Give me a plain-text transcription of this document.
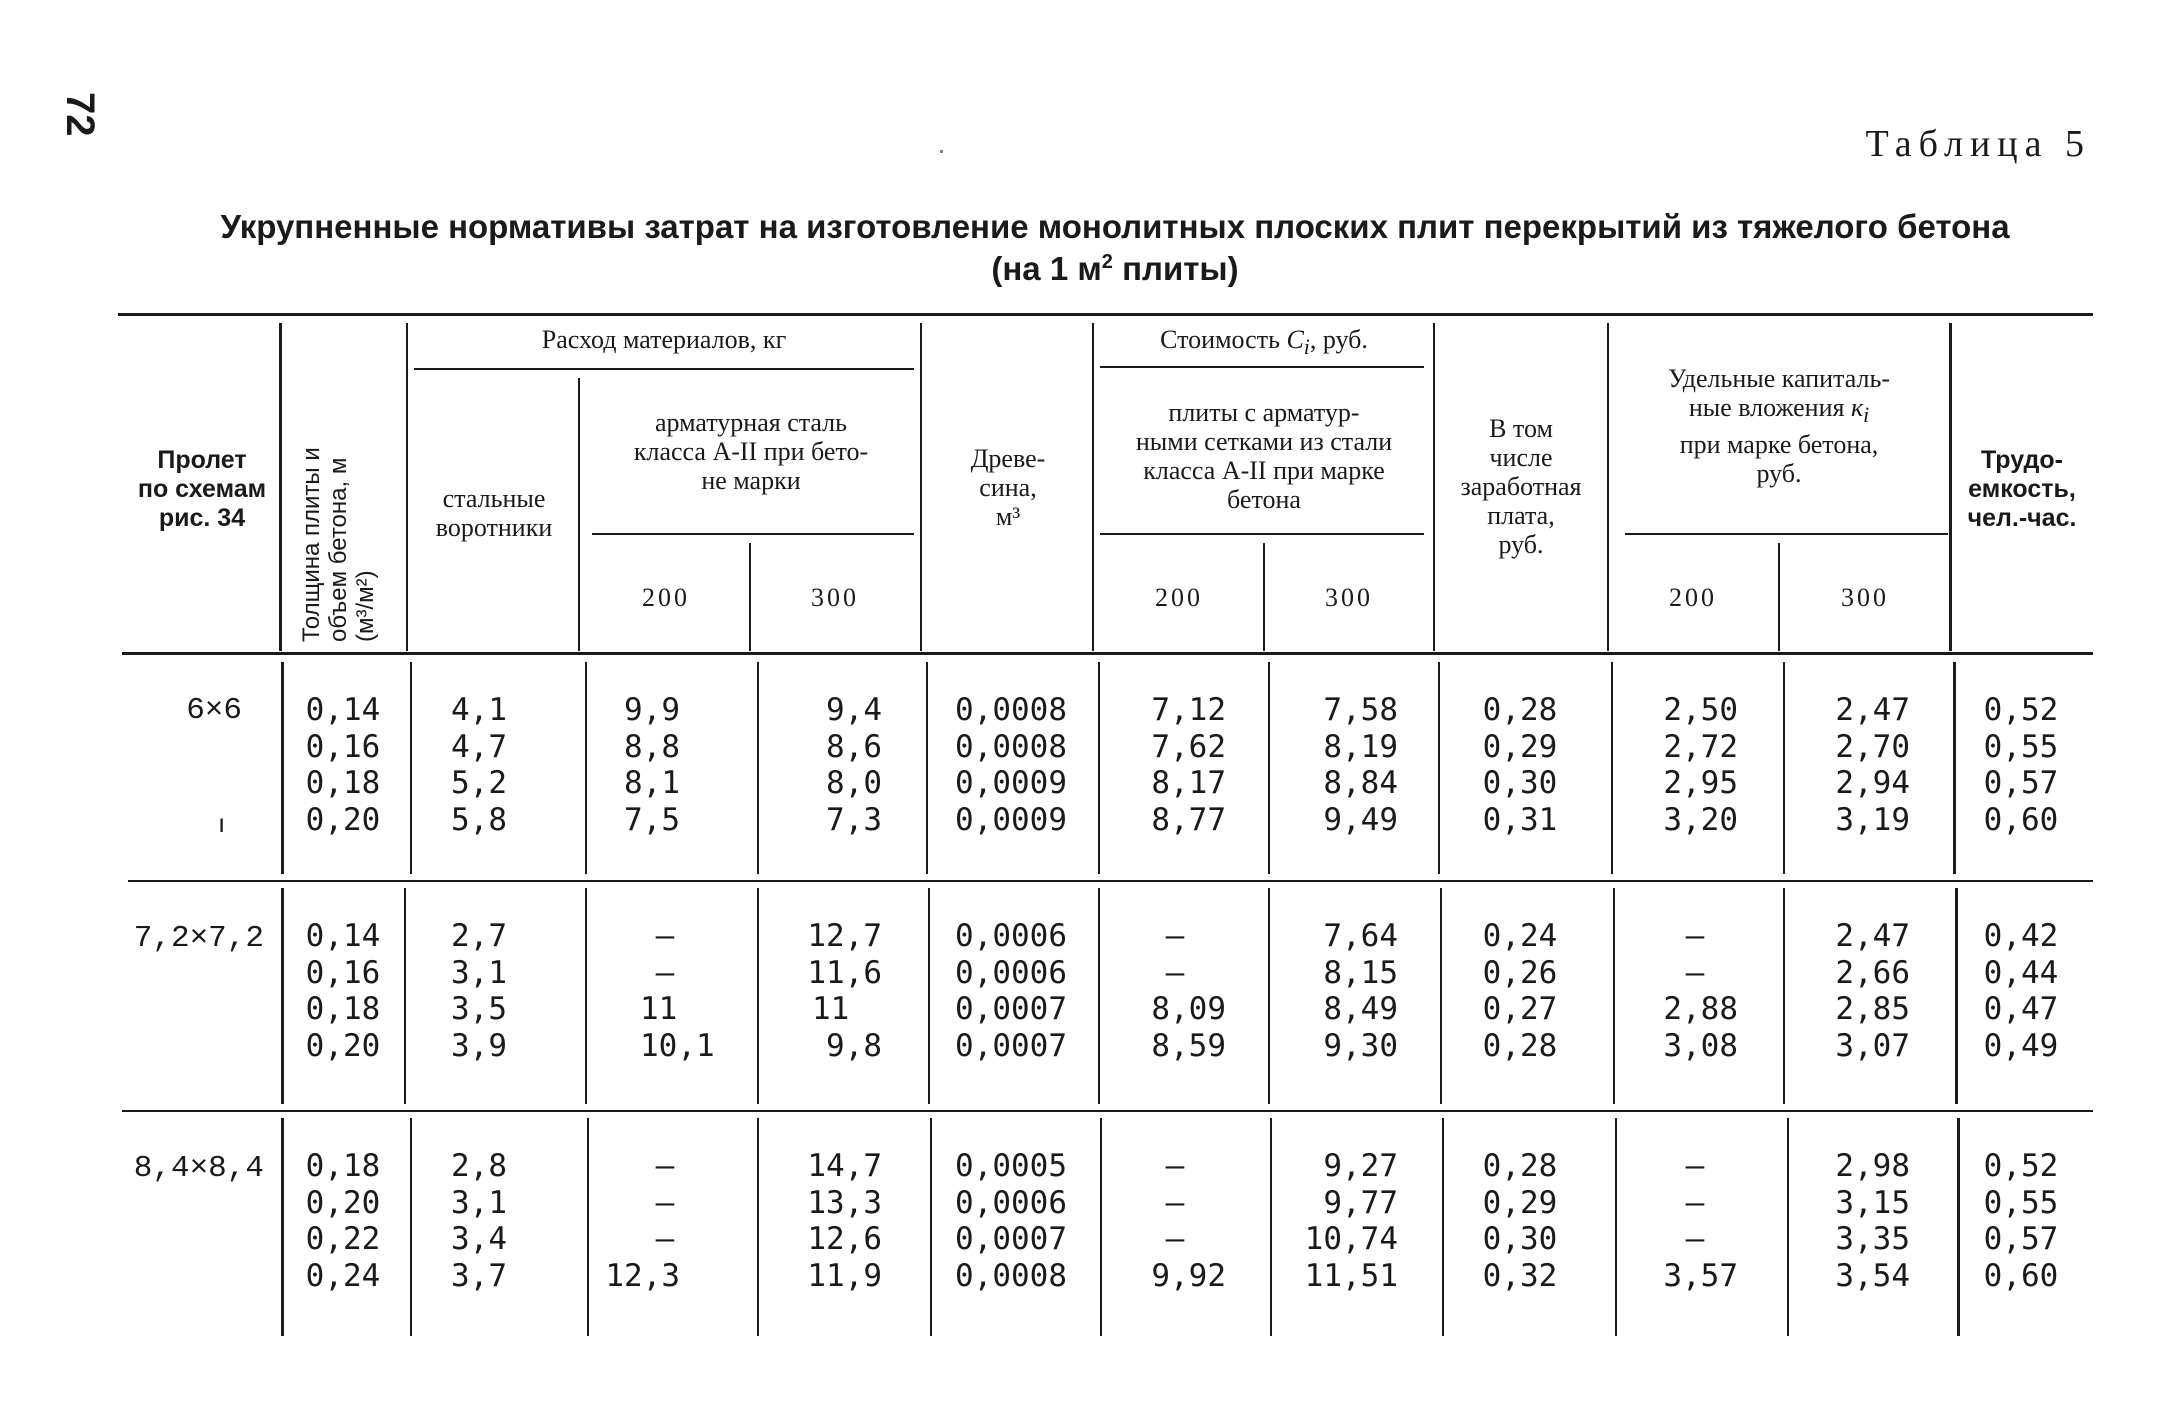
72
Таблица 5
Укрупненные нормативы затрат на изготовление монолитных плоских плит перекрытий из тяжелого бетона
(на 1 $м^2$ плиты)
Пролет
по схемам
рис. 34
Толщина плиты и
объем бетона, м
(м³/м²)
Расход материалов, кг
стальные
воротники
арматурная сталь
класса А-II при бето-
не марки
200	300
Древе-
сина,
м³
Стоимость $C_i$, руб.
плиты с арматур-
ными сетками из стали
класса А-II при марке
бетона
200	300
В том
числе
заработная
плата,
руб.
Удельные капиталь-
ные вложения $к_i$
при марке бетона,
руб.
200	300
Трудо-
емкость,
чел.-час.
6×6
ı
0,14	4,1	9,9	9,4	0,0008	7,12	7,58	0,28	2,50	2,47	0,52
0,16	4,7	8,8	8,6	0,0008	7,62	8,19	0,29	2,72	2,70	0,55
0,18	5,2	8,1	8,0	0,0009	8,17	8,84	0,30	2,95	2,94	0,57
0,20	5,8	7,5	7,3	0,0009	8,77	9,49	0,31	3,20	3,19	0,60
7,2×7,2 0,14	2,7	—	12,7	0,0006	—	7,64	0,24	—	2,47	0,42
0,16	3,1	—	11,6	0,0006	—	8,15	0,26	—	2,66	0,44
0,18	3,5	11	11	0,0007	8,09	8,49	0,27	2,88	2,85	0,47
0,20	3,9	10,1	9,8	0,0007	8,59	9,30	0,28	3,08	3,07	0,49
8,4×8,4 0,18	2,8	—	14,7	0,0005	—	9,27	0,28	—	2,98	0,52
0,20	3,1	—	13,3	0,0006	—	9,77	0,29	—	3,15	0,55
0,22	3,4	—	12,6	0,0007	—	10,74	0,30	—	3,35	0,57
0,24	3,7	12,3	11,9	0,0008	9,92	11,51	0,32	3,57	3,54	0,60
